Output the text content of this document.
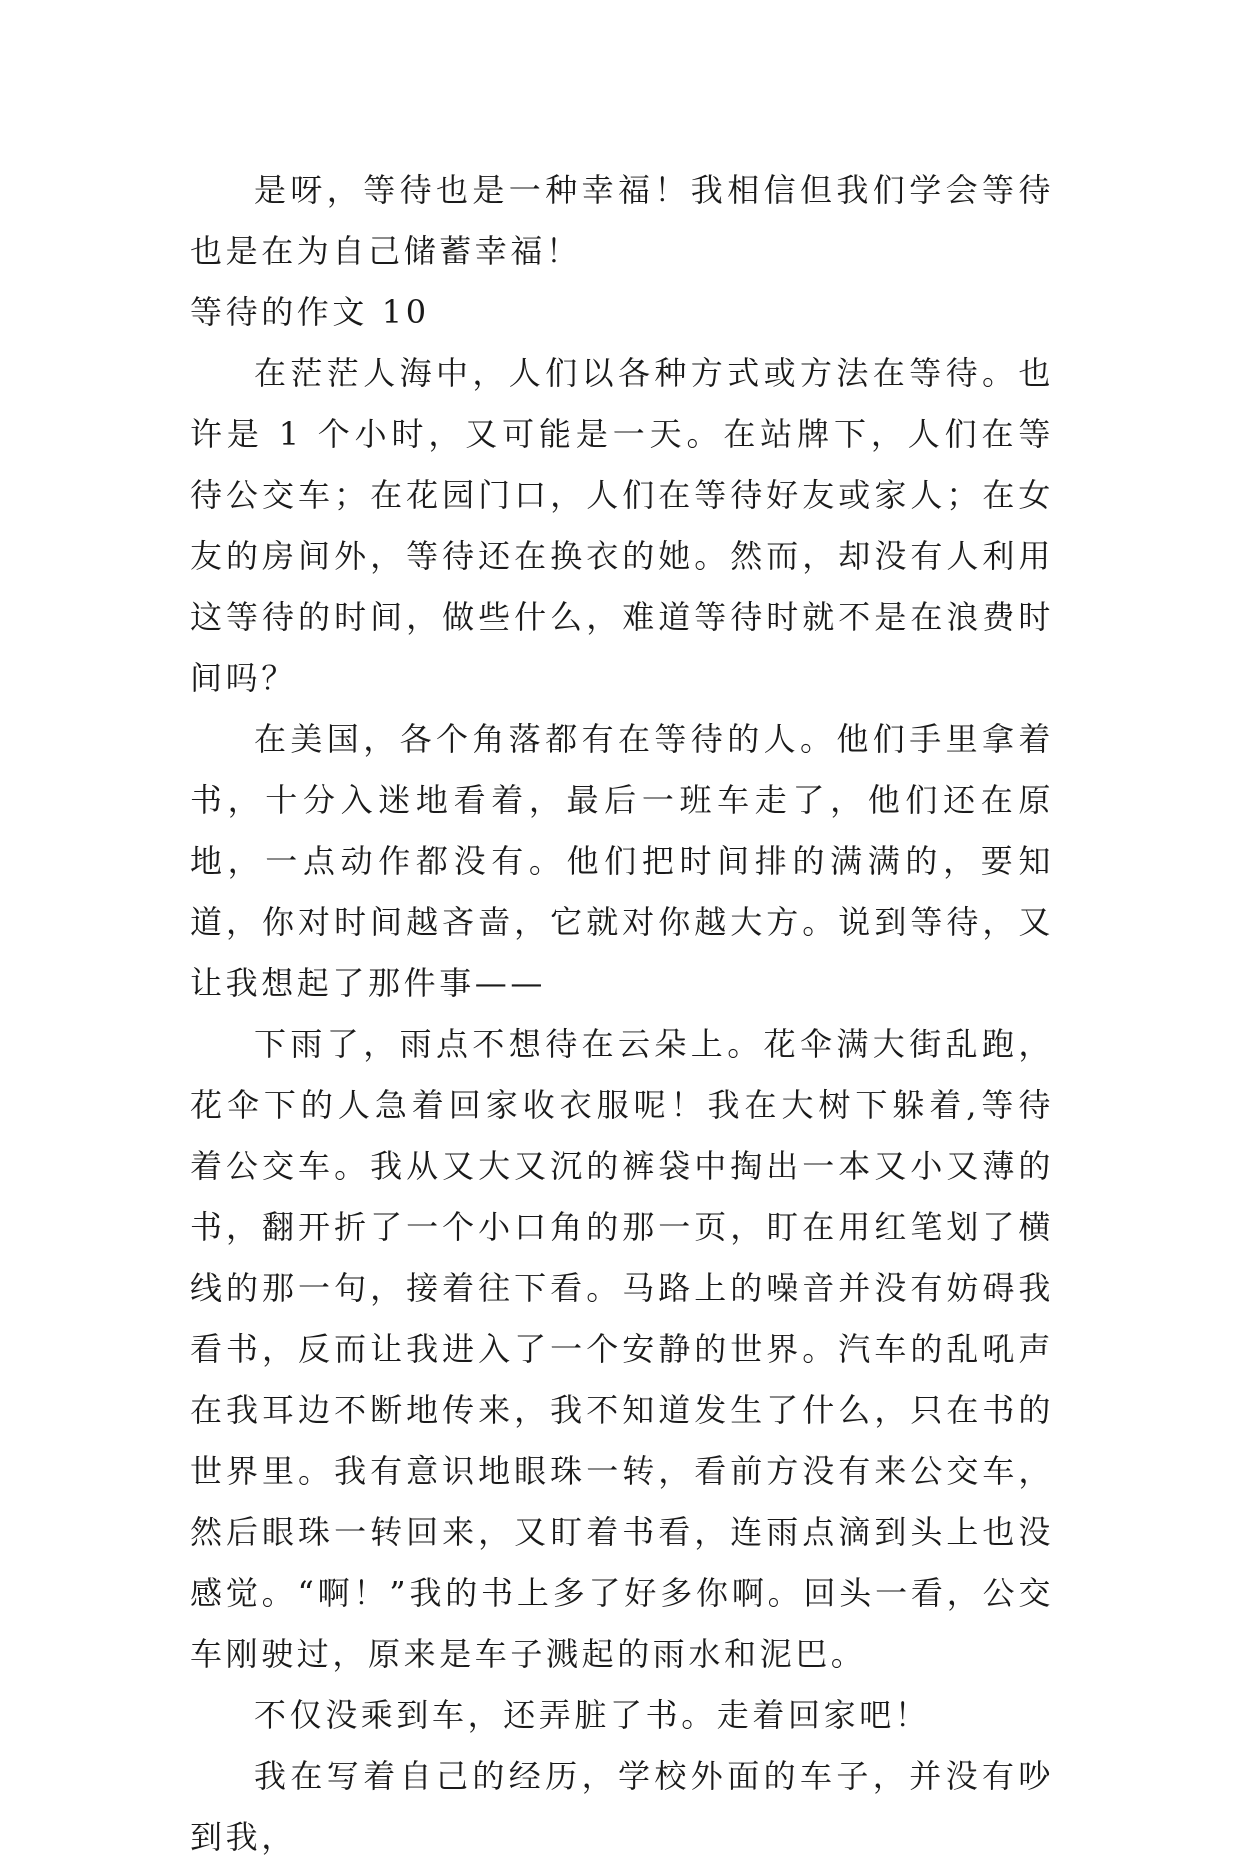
是呀，等待也是一种幸福！我相信但我们学会等待也是在为自己储蓄幸福！

等待的作文 10

在茫茫人海中，人们以各种方式或方法在等待。也许是 1 个小时，又可能是一天。在站牌下，人们在等待公交车；在花园门口，人们在等待好友或家人；在女友的房间外，等待还在换衣的她。然而，却没有人利用这等待的时间，做些什么，难道等待时就不是在浪费时间吗？

在美国，各个角落都有在等待的人。他们手里拿着书，十分入迷地看着，最后一班车走了，他们还在原地，一点动作都没有。他们把时间排的满满的，要知道，你对时间越吝啬，它就对你越大方。说到等待，又让我想起了那件事——

下雨了，雨点不想待在云朵上。花伞满大街乱跑，花伞下的人急着回家收衣服呢！我在大树下躲着,等待着公交车。我从又大又沉的裤袋中掏出一本又小又薄的书，翻开折了一个小口角的那一页，盯在用红笔划了横线的那一句，接着往下看。马路上的噪音并没有妨碍我看书，反而让我进入了一个安静的世界。汽车的乱吼声在我耳边不断地传来，我不知道发生了什么，只在书的世界里。我有意识地眼珠一转，看前方没有来公交车，然后眼珠一转回来，又盯着书看，连雨点滴到头上也没感觉。“啊！”我的书上多了好多你啊。回头一看，公交车刚驶过，原来是车子溅起的雨水和泥巴。

不仅没乘到车，还弄脏了书。走着回家吧！

我在写着自己的经历，学校外面的车子，并没有吵到我，
